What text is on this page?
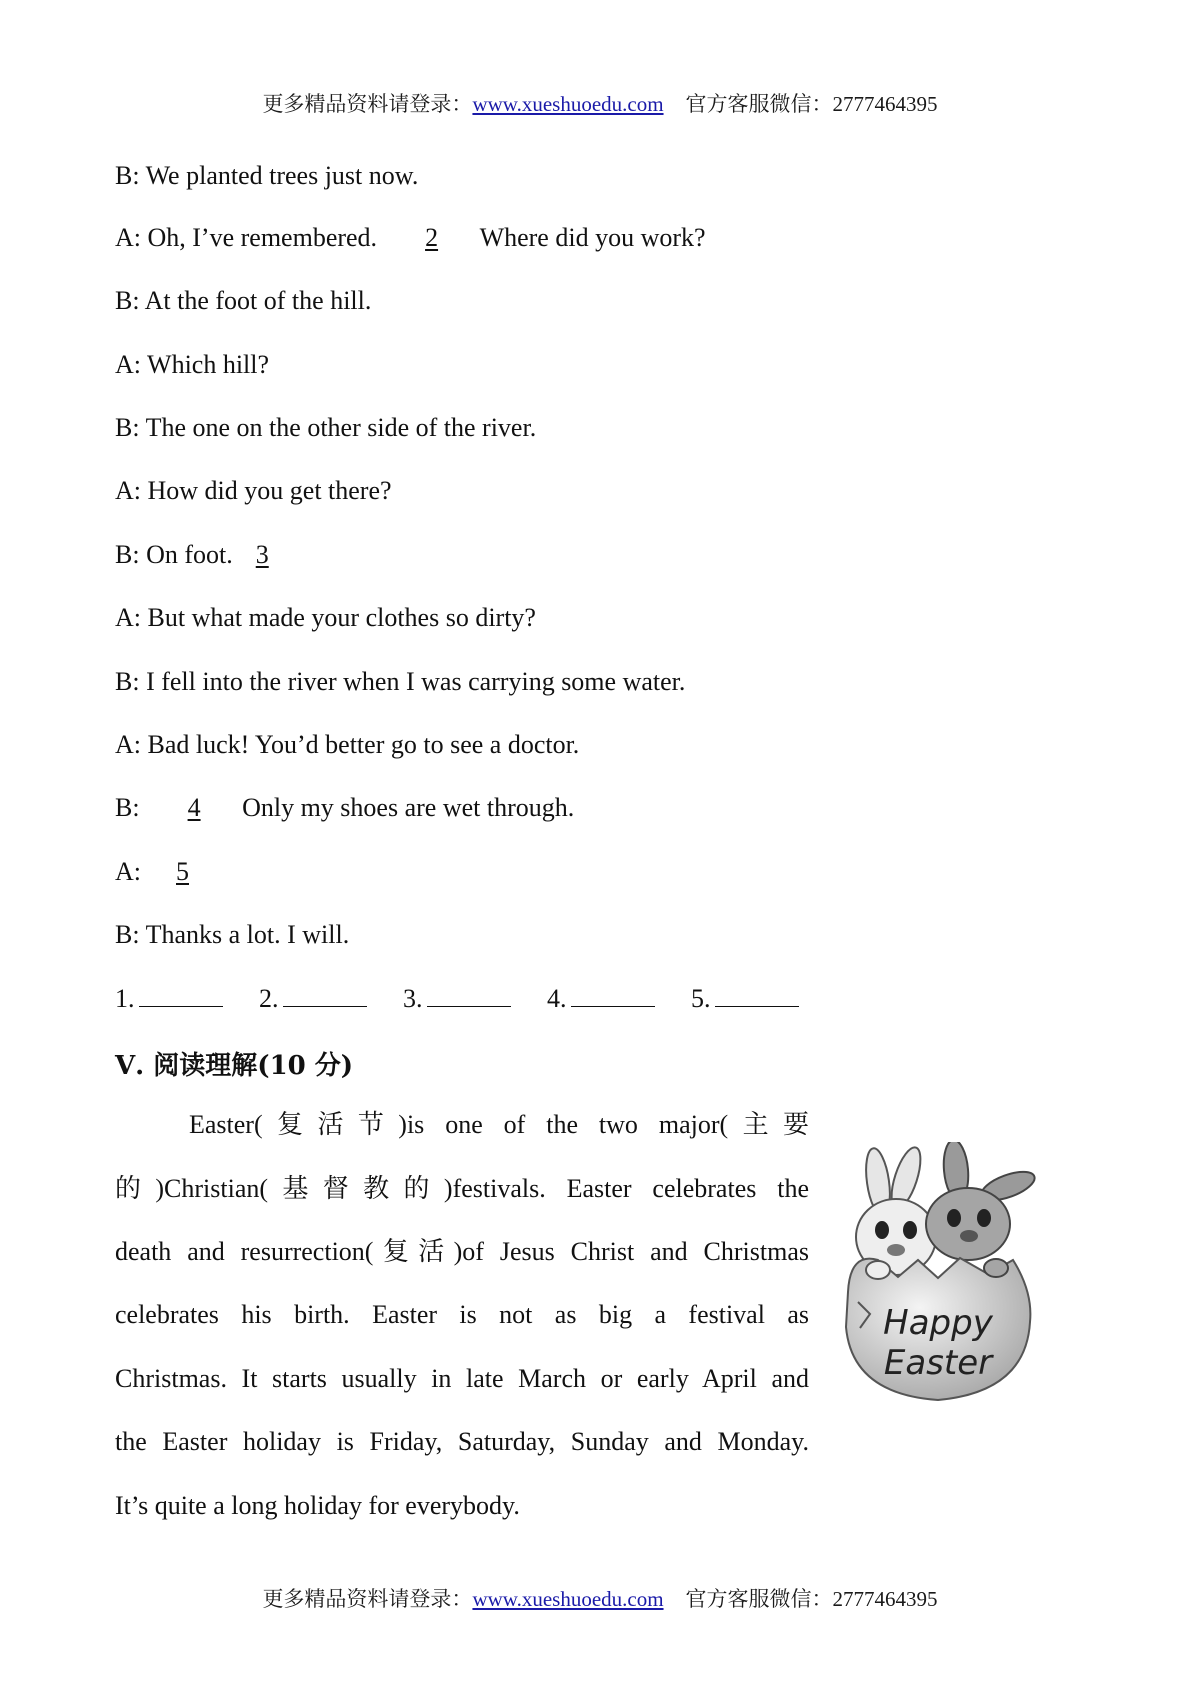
更多精品资料请登录：www.xueshuoedu.com 官方客服微信：2777464395
B: We planted trees just now.
A: Oh, I’ve remembered. 2 Where did you work?
B: At the foot of the hill.
A: Which hill?
B: The one on the other side of the river.
A: How did you get there?
B: On foot. 3
A: But what made your clothes so dirty?
B: I fell into the river when I was carrying some water.
A: Bad luck! You’d better go to see a doctor.
B: 4 Only my shoes are wet through.
A: 5
B: Thanks a lot. I will.
1.	2.	3.	4.	5.
Ⅴ. 阅读理解(10 分)
Easter(复活节)is one of the two major(主要
的)Christian(基督教的)festivals. Easter celebrates the
death and resurrection(复活)of Jesus Christ and Christmas
celebrates his birth. Easter is not as big a festival as
Christmas. It starts usually in late March or early April and
the Easter holiday is Friday, Saturday, Sunday and Monday.
It’s quite a long holiday for everybody.
Happy
Easter
更多精品资料请登录：www.xueshuoedu.com 官方客服微信：2777464395
